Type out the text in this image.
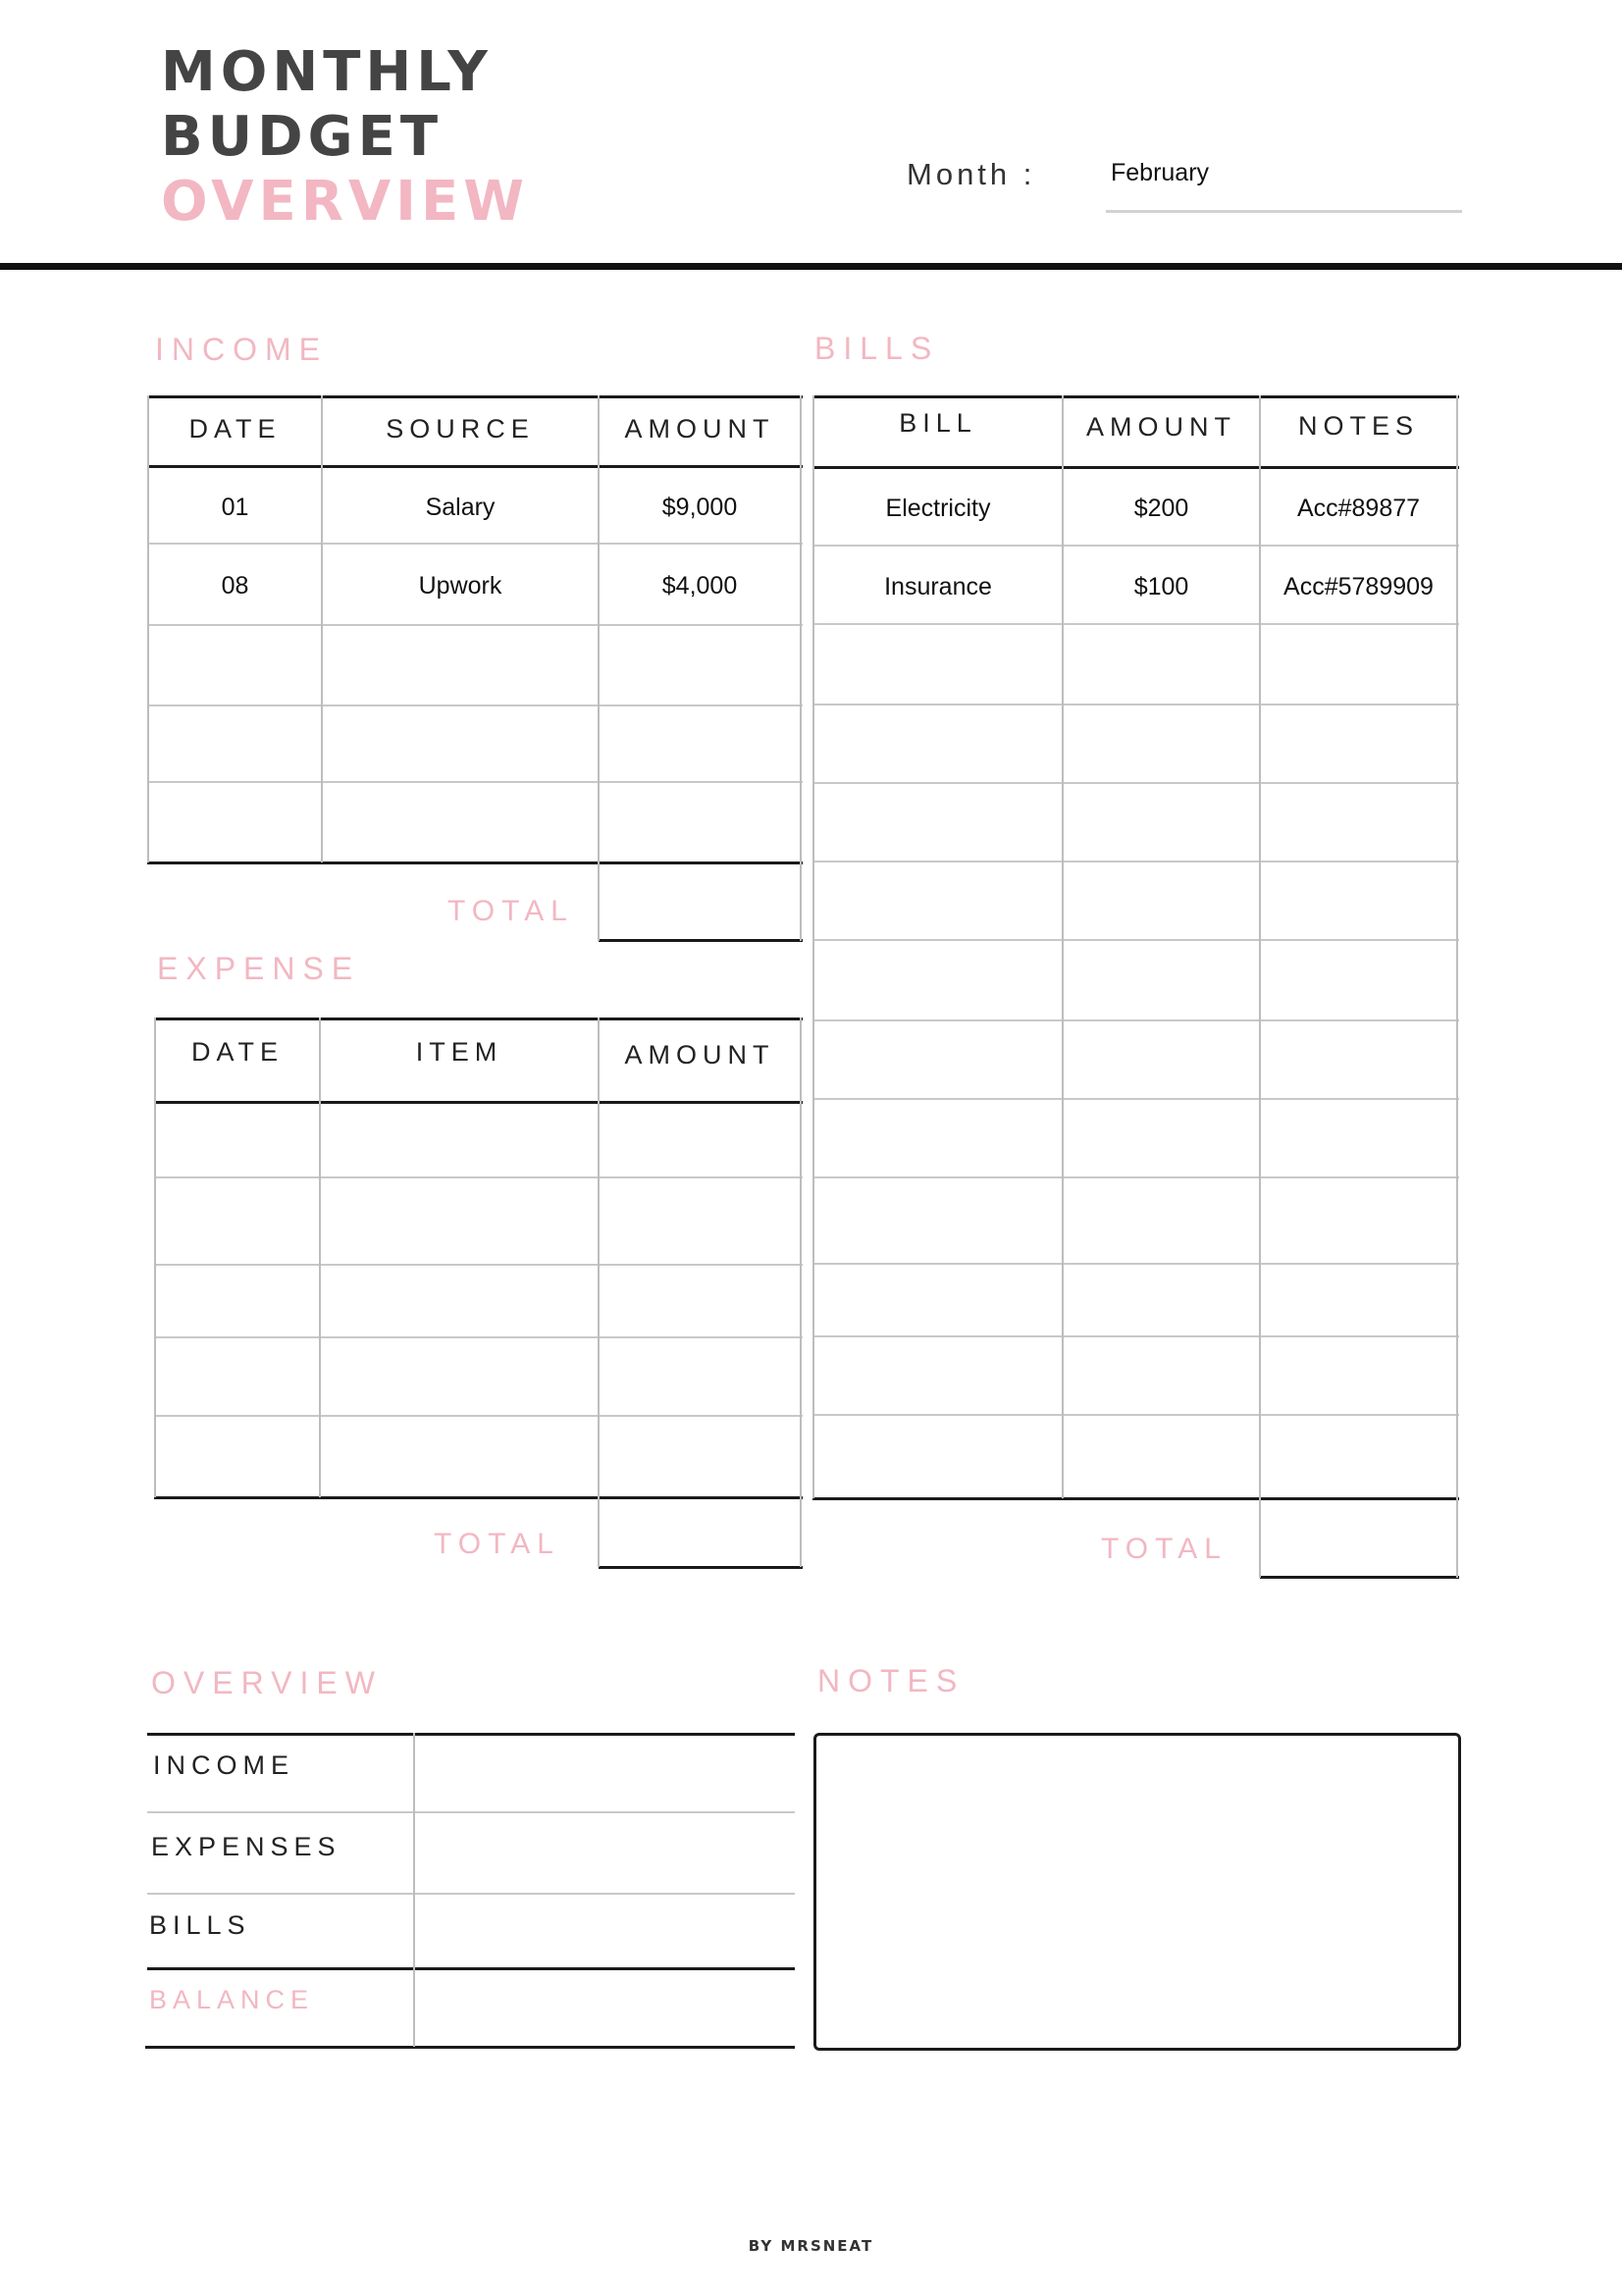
MONTHLY
BUDGET
OVERVIEW	Month :	February
INCOME
DATE	SOURCE	AMOUNT
01	Salary	$9,000
08	Upwork	$4,000
TOTAL
EXPENSE
DATE	ITEM	AMOUNT
TOTAL
BILLS
BILL	AMOUNT	NOTES
Electricity	$200	Acc#89877
Insurance	$100	Acc#5789909
TOTAL
OVERVIEW
INCOME
EXPENSES
BILLS
BALANCE
NOTES
BY MRSNEAT
